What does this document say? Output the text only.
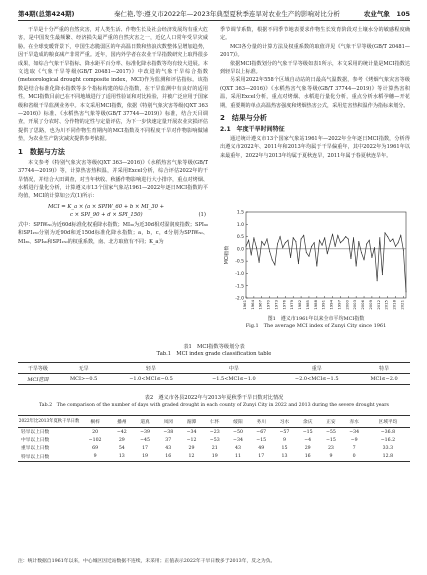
第4期(总第424期)	秦仁艳,等:遵义市2022年—2023年典型夏秋季连旱对农业生产的影响对比分析	农业气象　 105

干旱是十分严重的自然灾害，对人类生活、作物生长及社会经济发展均有重大危害，是中国发生最频繁、经济损失最严重的自然灾害之一，近亿人口常年受旱灾威胁。在全球变暖背景下，中国生态脆弱区的年高温日数和热浪次数整体呈增加趋势，因干旱造成的粮食减产非常严重。近年，国内外学者在农业干旱指数研究上取得很多成果，如综合气象干旱指标、降水距平百分率、标准化降水指数等均有较大进展。本文选取《气象干旱等级(GB/T 20481—2017)》中改进的气象干旱综合指数(meteorological drought composite index，MCI)作为监测和评估指标。该指数是结合标准化降水指数等多个指标构建的综合指数，在干旱监测中有良好的适用性，MCI指数目前已在不同地域进行了适用性验证和对比检验，并被广泛应用于国家级和省级干旱监测业务中。本文采用MCI指数，依据《特别气象灾害等级(QXT 363—2016)》标准、《水稻热害气象等级(GB/T 37744—2019)》标准，结合天目调查，开展了分农时、分作物的定性与定量评估，为下一步快速定量开展农业灾损评估提供了思路，也为川不同作物生育期内的MCI指数及不同程度干旱对作物影响做铺垫，为农业生产防灾减灾提供参考依据。

1　数据与方法

本文参考《特别气象灾害等级(QXT 363—2016)》《水稻热害气象等级(GB/T 37744—2019)》等，计算热害热积温，并采用Excel分析，综合评估2022年的干旱情况，并结合大田调查，对当年秋收、秋播作物影响进行大小排序，重点对烤烟、水稻进行量化分析，计算遵义市13个国家气象站1961—2022年逐日MCI指数的平均值，MCI的计算如公式(1)所示：

MCI = K_a × (a × SPIW_60 + b × MI_30 +
c × SPI_90 + d × SPI_150)	(1)

式中：SPIW₆₀为近60d标准化权重降水指数；MI₃₀为近30d相对湿润度指数；SPI₉₀和SPI₁₅₀分别为近90d和近150d标准化降水指数；a，b，c，d分别为SPIW₆₀、MI₃₀、SPI₉₀和SPI₁₅₀的权重系数，南、北方取值有不同；K_a为

季节调节系数，根据不同季节地表要求作物生长发育阶段对土壤水分的敏感程度确定。

MCI各分量的计算方法及权重系数的取值详见《气象干旱等级(GB/T 20481—2017)》。

依据MCI指数划分的气象干旱等级如表1所示，本文采用的统计量是MCI指数达到轻旱以上标准。

另采用2022年558个区域自动站的日最高气温数据，参考《烤烟气象灾害等级(QXT 363—2016)》《水稻热害气象等级(GB/T 37744—2019)》等计算热害积温，采用Excel分析，重点对烤烟、水稻进行量化分析，重点分析水稻孕穗—开花期，重要期的单点高温热害强度和烤烟热害公式，采用危害热积温作为指标来划分。

2　结果与分析
2.1　年度干旱时间特征

通过统计遵义市13个国家气象站1961年—2022年全年逐日MCI指数，分析得出遵义市2022年、2011年和2013年均属于干旱偏重年，其中2022年为1961年以来最重年，2022年与2013年均属于夏秋连旱，2011年属于春夏秋连旱年。

1.5
1.0
0.5
0.0
-0.5
-1.0
-1.5
-2.0
1961 1964 1967 1970 1973 1976 1979 1982 1985 1988 1991 1994 1997 2000 2003 2006 2009 2012 2015 2018 2021
MCI指数
图1　遵义市1961年以来全市平均MCI指数
Fig.1　The average MCI index of Zunyi City since 1961
表1　MCI指数等级划分表
Tab.1　MCI index grade classification table
干旱等级	无旱	轻旱	中旱	重旱	特旱
MCI范围	MCI>−0.5	−1.0<MCI≤−0.5	−1.5<MCI≤−1.0	−2.0<MCI≤−1.5	MCI≤−2.0
表2　遵义市各县2022年与2013年夏秋季干旱日数对比情况
Tab.2　The comparison of the number of days with graded drought in each county of Zunyi City in 2022 and 2013 during the severe drought years
2022年比2013年夏秋干旱日数	桐梓	播州	道真	凤冈	湄潭	仁怀	绥阳	务川	习水	余庆	正安	赤水	区域平均
轻旱以上日数	20	−42	−39	−38	−34	−23	−50	−67	−57	−15	−55	−34	−36.8
中旱以上日数	−102	29	−45	37	−12	−53	−34	−15	9	−4	−15	−9	−16.2
重旱以上日数	69	54	17	43	29	21	43	49	15	29	23	7	33.3
特旱以上日数	9	13	19	16	12	19	11	17	13	16	9	0	12.8
注：统计数据自1961年以来，中心城区因迁站数据不连续，未采用；正值表示2022年干旱日数多于2013年，反之为负。
